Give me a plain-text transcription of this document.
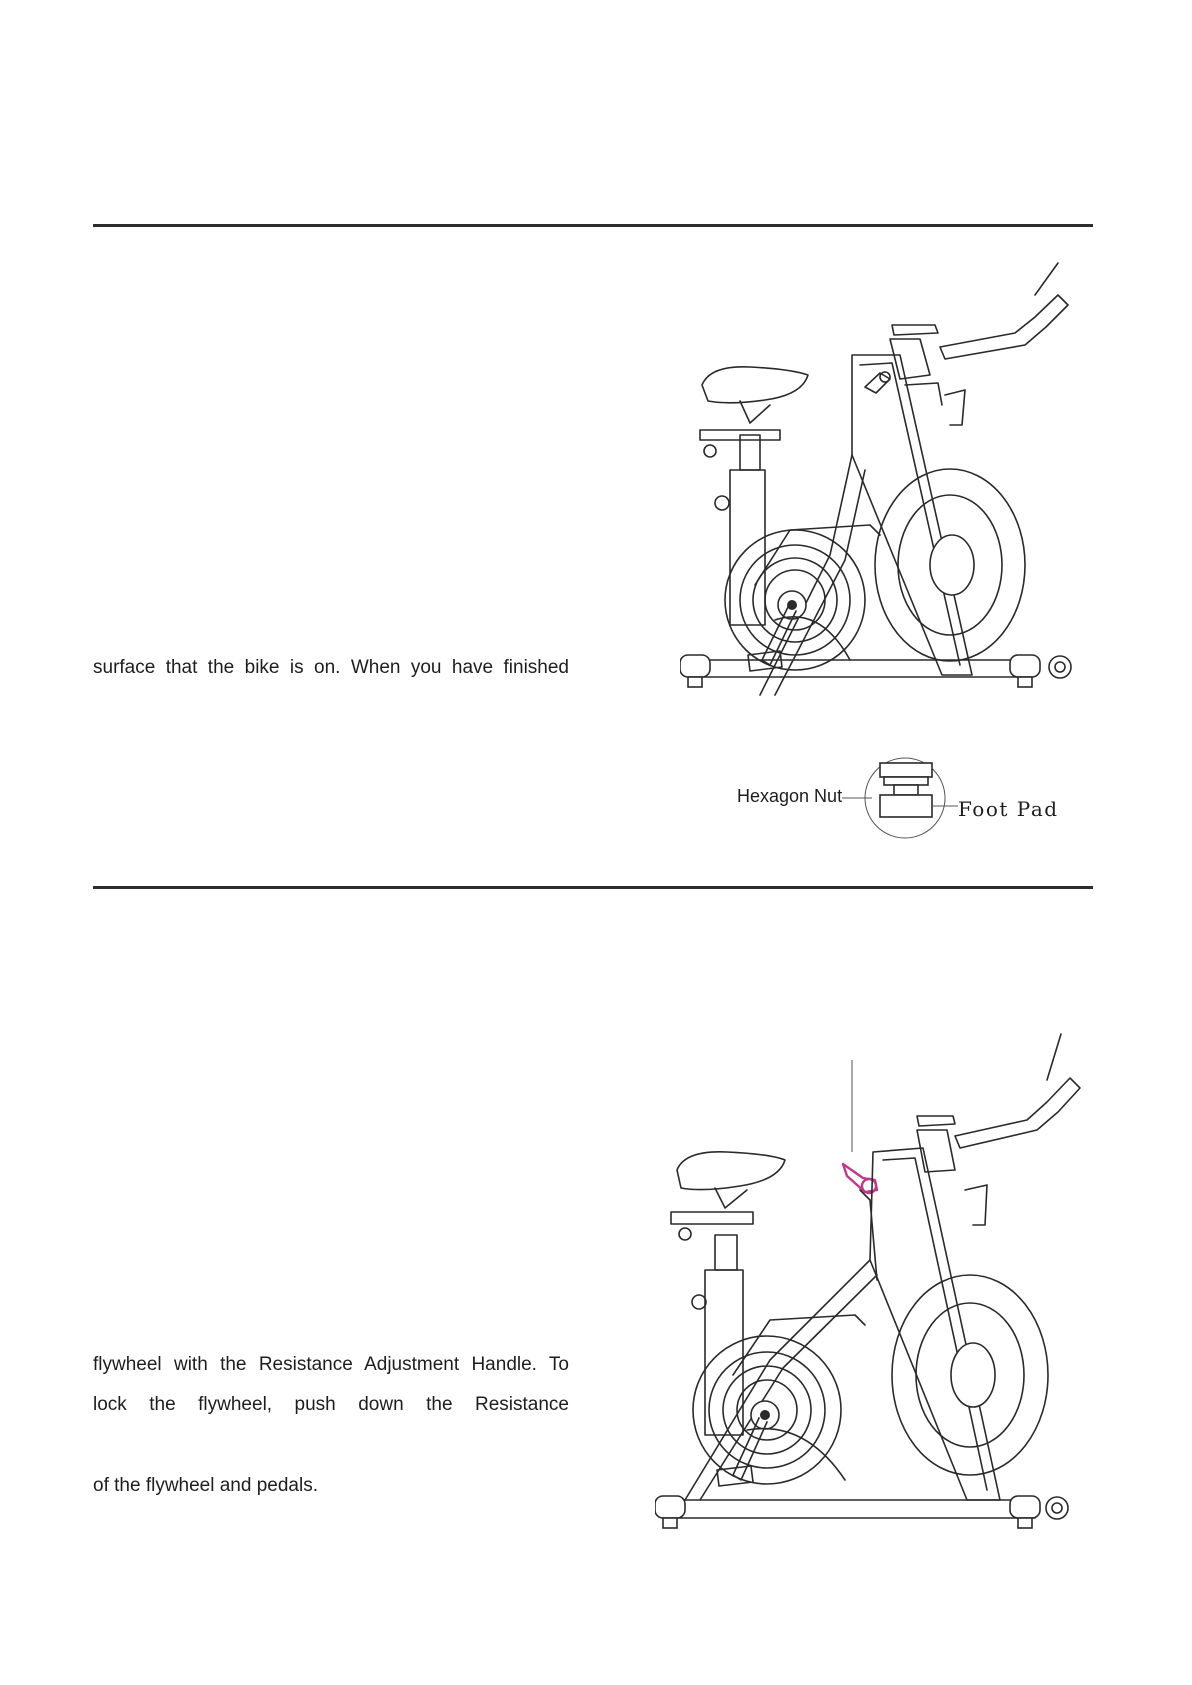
surface that the bike is on. When you have finished

Hexagon Nut
Foot Pad

flywheel with the Resistance Adjustment Handle. To

lock the flywheel, push down the Resistance

of the flywheel and pedals.
